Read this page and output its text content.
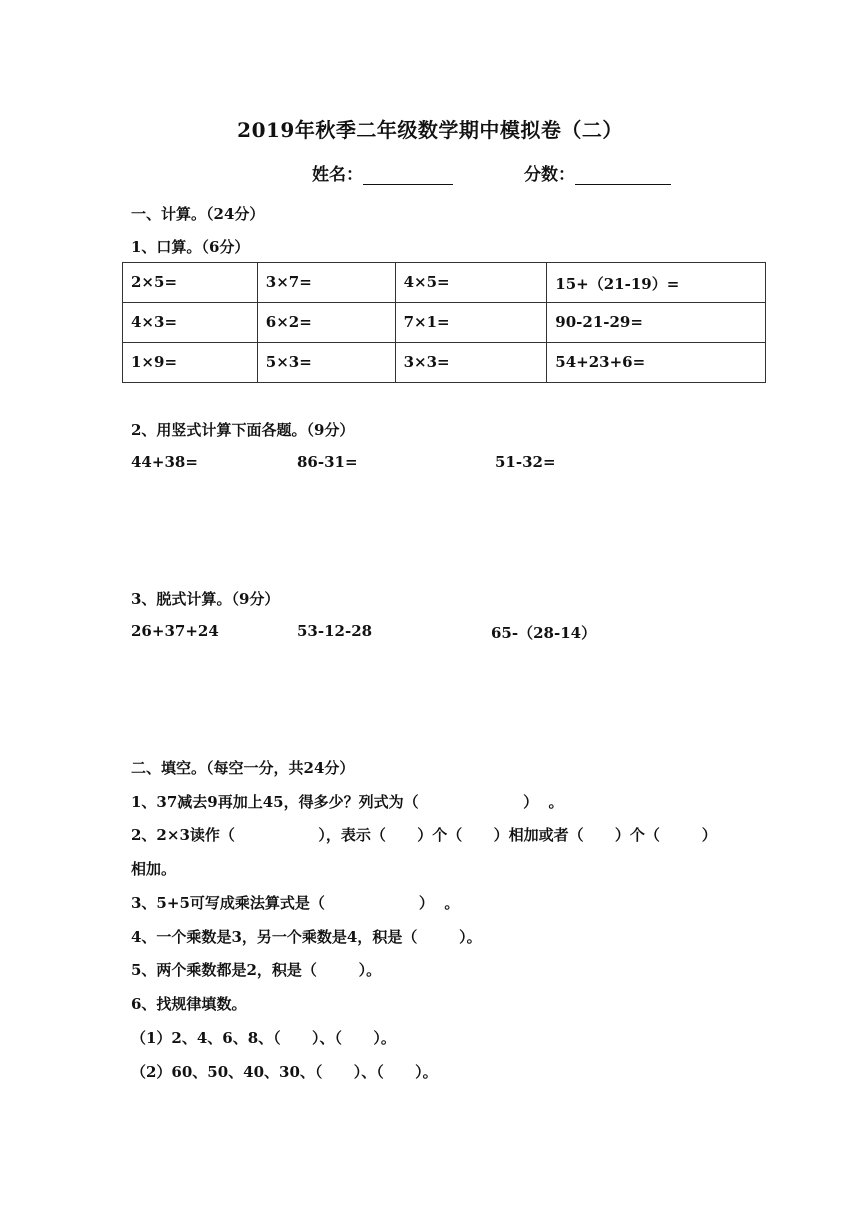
2019年秋季二年级数学期中模拟卷（二）
姓名：	分数：
一、计算。（24分）
1、口算。（6分）
2×5=	3×7=	4×5=	15+（21-19）=
4×3=	6×2=	7×1=	90-21-29=
1×9=	5×3=	3×3=	54+23+6=
2、用竖式计算下面各题。（9分）
44+38=	86-31=	51-32=
3、脱式计算。（9分）
26+37+24	53-12-28	65-（28-14）
二、填空。（每空一分，共24分）
1、37减去9再加上45，得多少？列式为（                    ）  。
2、2×3读作（                ），表示（      ）个（      ）相加或者（      ）个（        ）
相加。
3、5+5可写成乘法算式是（                  ）  。
4、一个乘数是3，另一个乘数是4，积是（        ）。
5、两个乘数都是2，积是（        ）。
6、找规律填数。
（1）2、4、6、8、（      ）、（      ）。
（2）60、50、40、30、（      ）、（      ）。
